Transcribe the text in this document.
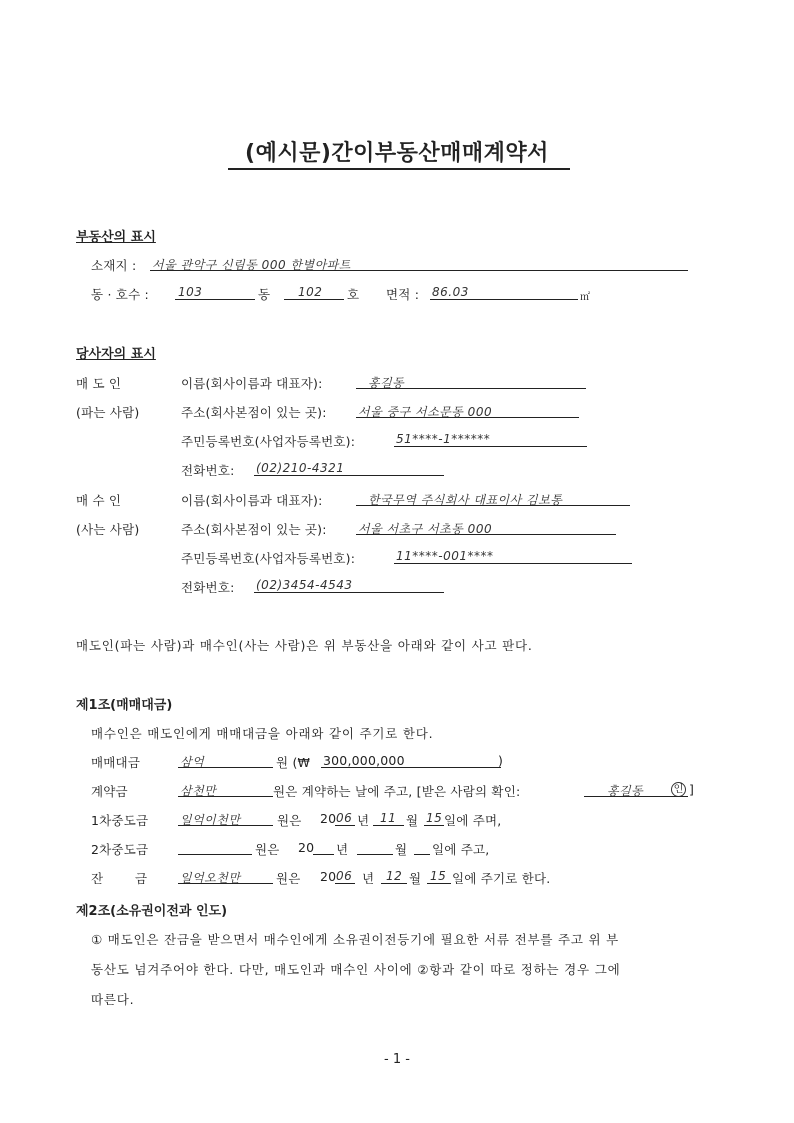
(예시문)간이부동산매매계약서
부동산의 표시
소재지 : 서울 관악구 신림동 000 한별아파트
동 · 호수 : 103	동 102 호 면적 : 86.03	㎡
당사자의 표시
매 도 인	이름(회사이름과 대표자):	홍길동
(파는 사람)	주소(회사본점이 있는 곳):	서울 중구 서소문동 000
주민등록번호(사업자등록번호):	51****-1******
전화번호: (02)210-4321
매 수 인	이름(회사이름과 대표자):	한국무역 주식회사 대표이사 김보통
(사는 사람)	주소(회사본점이 있는 곳):	서울 서초구 서초동 000
주민등록번호(사업자등록번호):	11****-001****
전화번호: (02)3454-4543
매도인(파는 사람)과 매수인(사는 사람)은 위 부동산을 아래와 같이 사고 판다.
제1조(매매대금)
매수인은 매도인에게 매매대금을 아래와 같이 주기로 한다.
매매대금	삼억	원 (₩ 300,000,000	)
계약금	삼천만	원은 계약하는 날에 주고, [받은 사람의 확인:	홍길동	인 ]
1차중도금	일억이천만	원은 20 06 년 11 월 15 일에 주며,
2차중도금	원은 20 년	월 일에 주고,
잔	금	일억오천만	원은 20 06 년 12 월 15 일에 주기로 한다.
제2조(소유권이전과 인도)
① 매도인은 잔금을 받으면서 매수인에게 소유권이전등기에 필요한 서류 전부를 주고 위 부
동산도 넘겨주어야 한다. 다만, 매도인과 매수인 사이에 ②항과 같이 따로 정하는 경우 그에
따른다.
- 1 -
